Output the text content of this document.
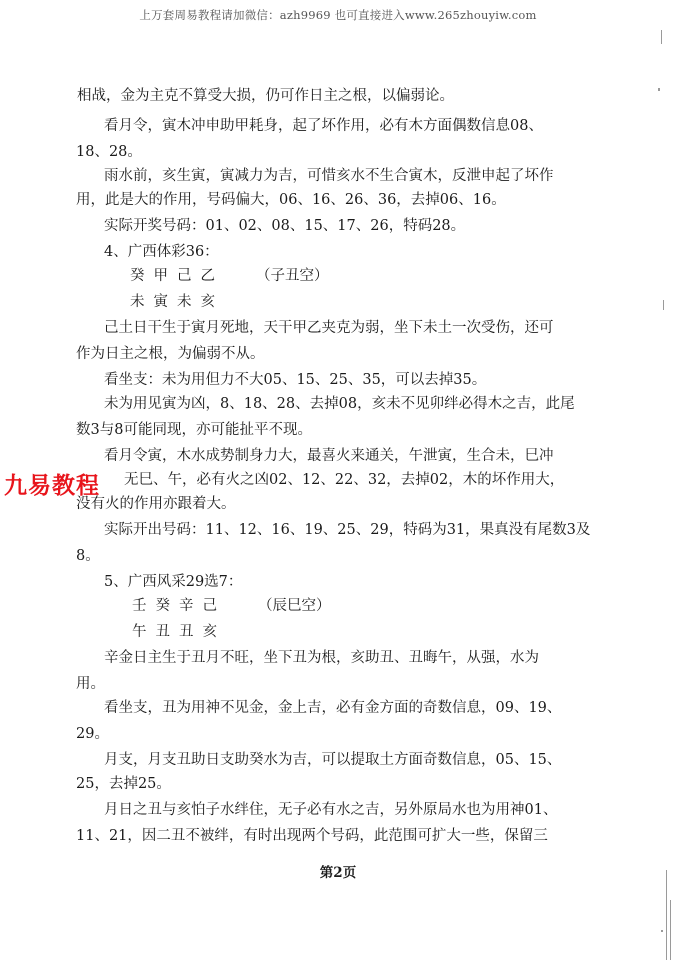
上万套周易教程请加微信：azh9969 也可直接进入www.265zhouyiw.com
相战，金为主克不算受大损，仍可作日主之根，以偏弱论。
看月令，寅木冲申助甲耗身，起了坏作用，必有木方面偶数信息08、
18、28。
雨水前，亥生寅，寅减力为吉，可惜亥水不生合寅木，反泄申起了坏作
用，此是大的作用，号码偏大，06、16、26、36，去掉06、16。
实际开奖号码：01、02、08、15、17、26，特码28。
4、广西体彩36：
癸甲己乙 （子丑空）
未寅未亥
己土日干生于寅月死地，天干甲乙夹克为弱，坐下未土一次受伤，还可
作为日主之根，为偏弱不从。
看坐支：未为用但力不大05、15、25、35，可以去掉35。
未为用见寅为凶，8、18、28、去掉08，亥未不见卯绊必得木之吉，此尾
数3与8可能同现，亦可能扯平不现。
看月令寅，木水成势制身力大，最喜火来通关，午泄寅，生合未，巳冲
无巳、午，必有火之凶02、12、22、32，去掉02，木的坏作用大，
没有火的作用亦跟着大。
实际开出号码：11、12、16、19、25、29，特码为31，果真没有尾数3及
8。
5、广西风采29选7：
壬癸辛己 （辰巳空）
午丑丑亥
辛金日主生于丑月不旺，坐下丑为根，亥助丑、丑晦午，从强，水为
用。
看坐支，丑为用神不见金，金上吉，必有金方面的奇数信息，09、19、
29。
月支，月支丑助日支助癸水为吉，可以提取土方面奇数信息，05、15、
25，去掉25。
月日之丑与亥怕子水绊住，无子必有水之吉，另外原局水也为用神01、
11、21，因二丑不被绊，有时出现两个号码，此范围可扩大一些，保留三
九易教程
第2页
